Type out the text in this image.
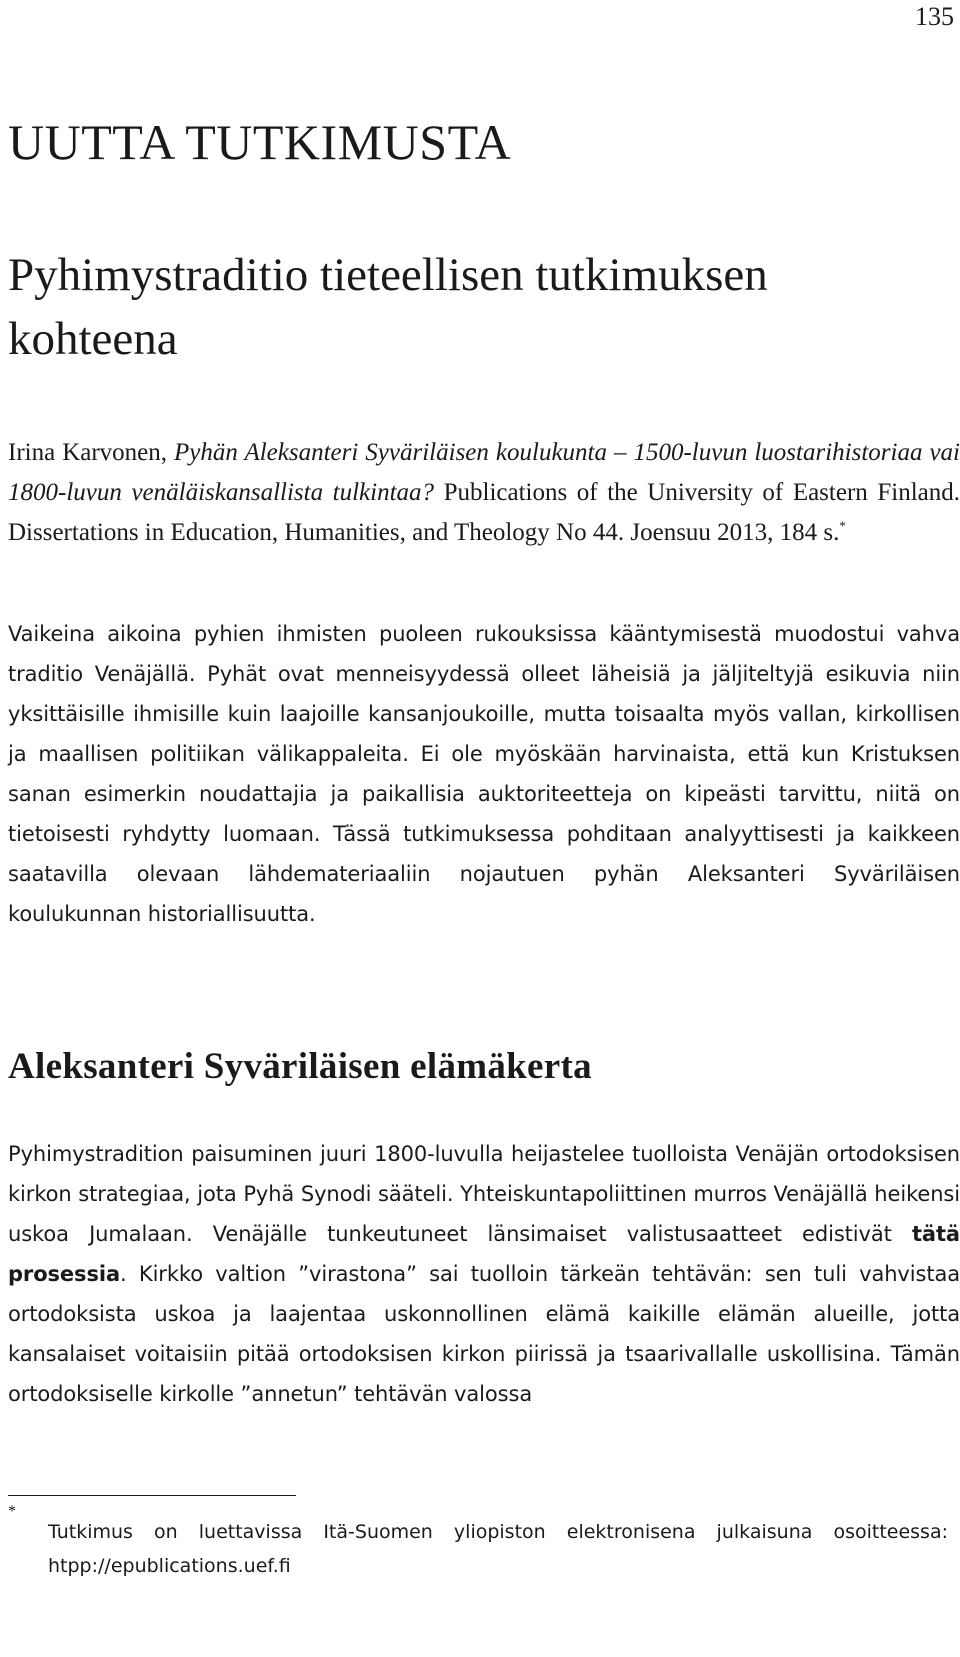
135
UUTTA TUTKIMUSTA
Pyhimystraditio tieteellisen tutkimuksen kohteena

Irina Karvonen, Pyhän Aleksanteri Syväriläisen koulukunta – 1500-luvun luostarihistoriaa vai 1800-luvun venäläiskansallista tulkintaa? Publications of the University of Eastern Finland. Dissertations in Education, Humanities, and Theology No 44. Joensuu 2013, 184 s.*

Vaikeina aikoina pyhien ihmisten puoleen rukouksissa kääntymisestä muodostui vahva traditio Venäjällä. Pyhät ovat menneisyydessä olleet läheisiä ja jäljiteltyjä esikuvia niin yksittäisille ihmisille kuin laajoille kansanjoukoille, mutta toisaalta myös vallan, kirkollisen ja maallisen politiikan välikappaleita. Ei ole myöskään harvinaista, että kun Kristuksen sanan esimerkin noudattajia ja paikallisia auktoriteetteja on kipeästi tarvittu, niitä on tietoisesti ryhdytty luomaan. Tässä tutkimuksessa pohditaan analyyttisesti ja kaikkeen saatavilla olevaan lähdemateriaaliin nojautuen pyhän Aleksanteri Syväriläisen koulukunnan historiallisuutta.

Aleksanteri Syväriläisen elämäkerta

Pyhimystradition paisuminen juuri 1800-luvulla heijastelee tuolloista Venäjän ortodoksisen kirkon strategiaa, jota Pyhä Synodi sääteli. Yhteiskuntapoliittinen murros Venäjällä heikensi uskoa Jumalaan. Venäjälle tunkeutuneet länsimaiset valistusaatteet edistivät tätä prosessia. Kirkko valtion ”virastona” sai tuolloin tärkeän tehtävän: sen tuli vahvistaa ortodoksista uskoa ja laajentaa uskonnollinen elämä kaikille elämän alueille, jotta kansalaiset voitaisiin pitää ortodoksisen kirkon piirissä ja tsaarivallalle uskollisina. Tämän ortodoksiselle kirkolle ”annetun” tehtävän valossa

*

Tutkimus on luettavissa Itä-Suomen yliopiston elektronisena julkaisuna osoitteessa: htpp://epublications.uef.fi
